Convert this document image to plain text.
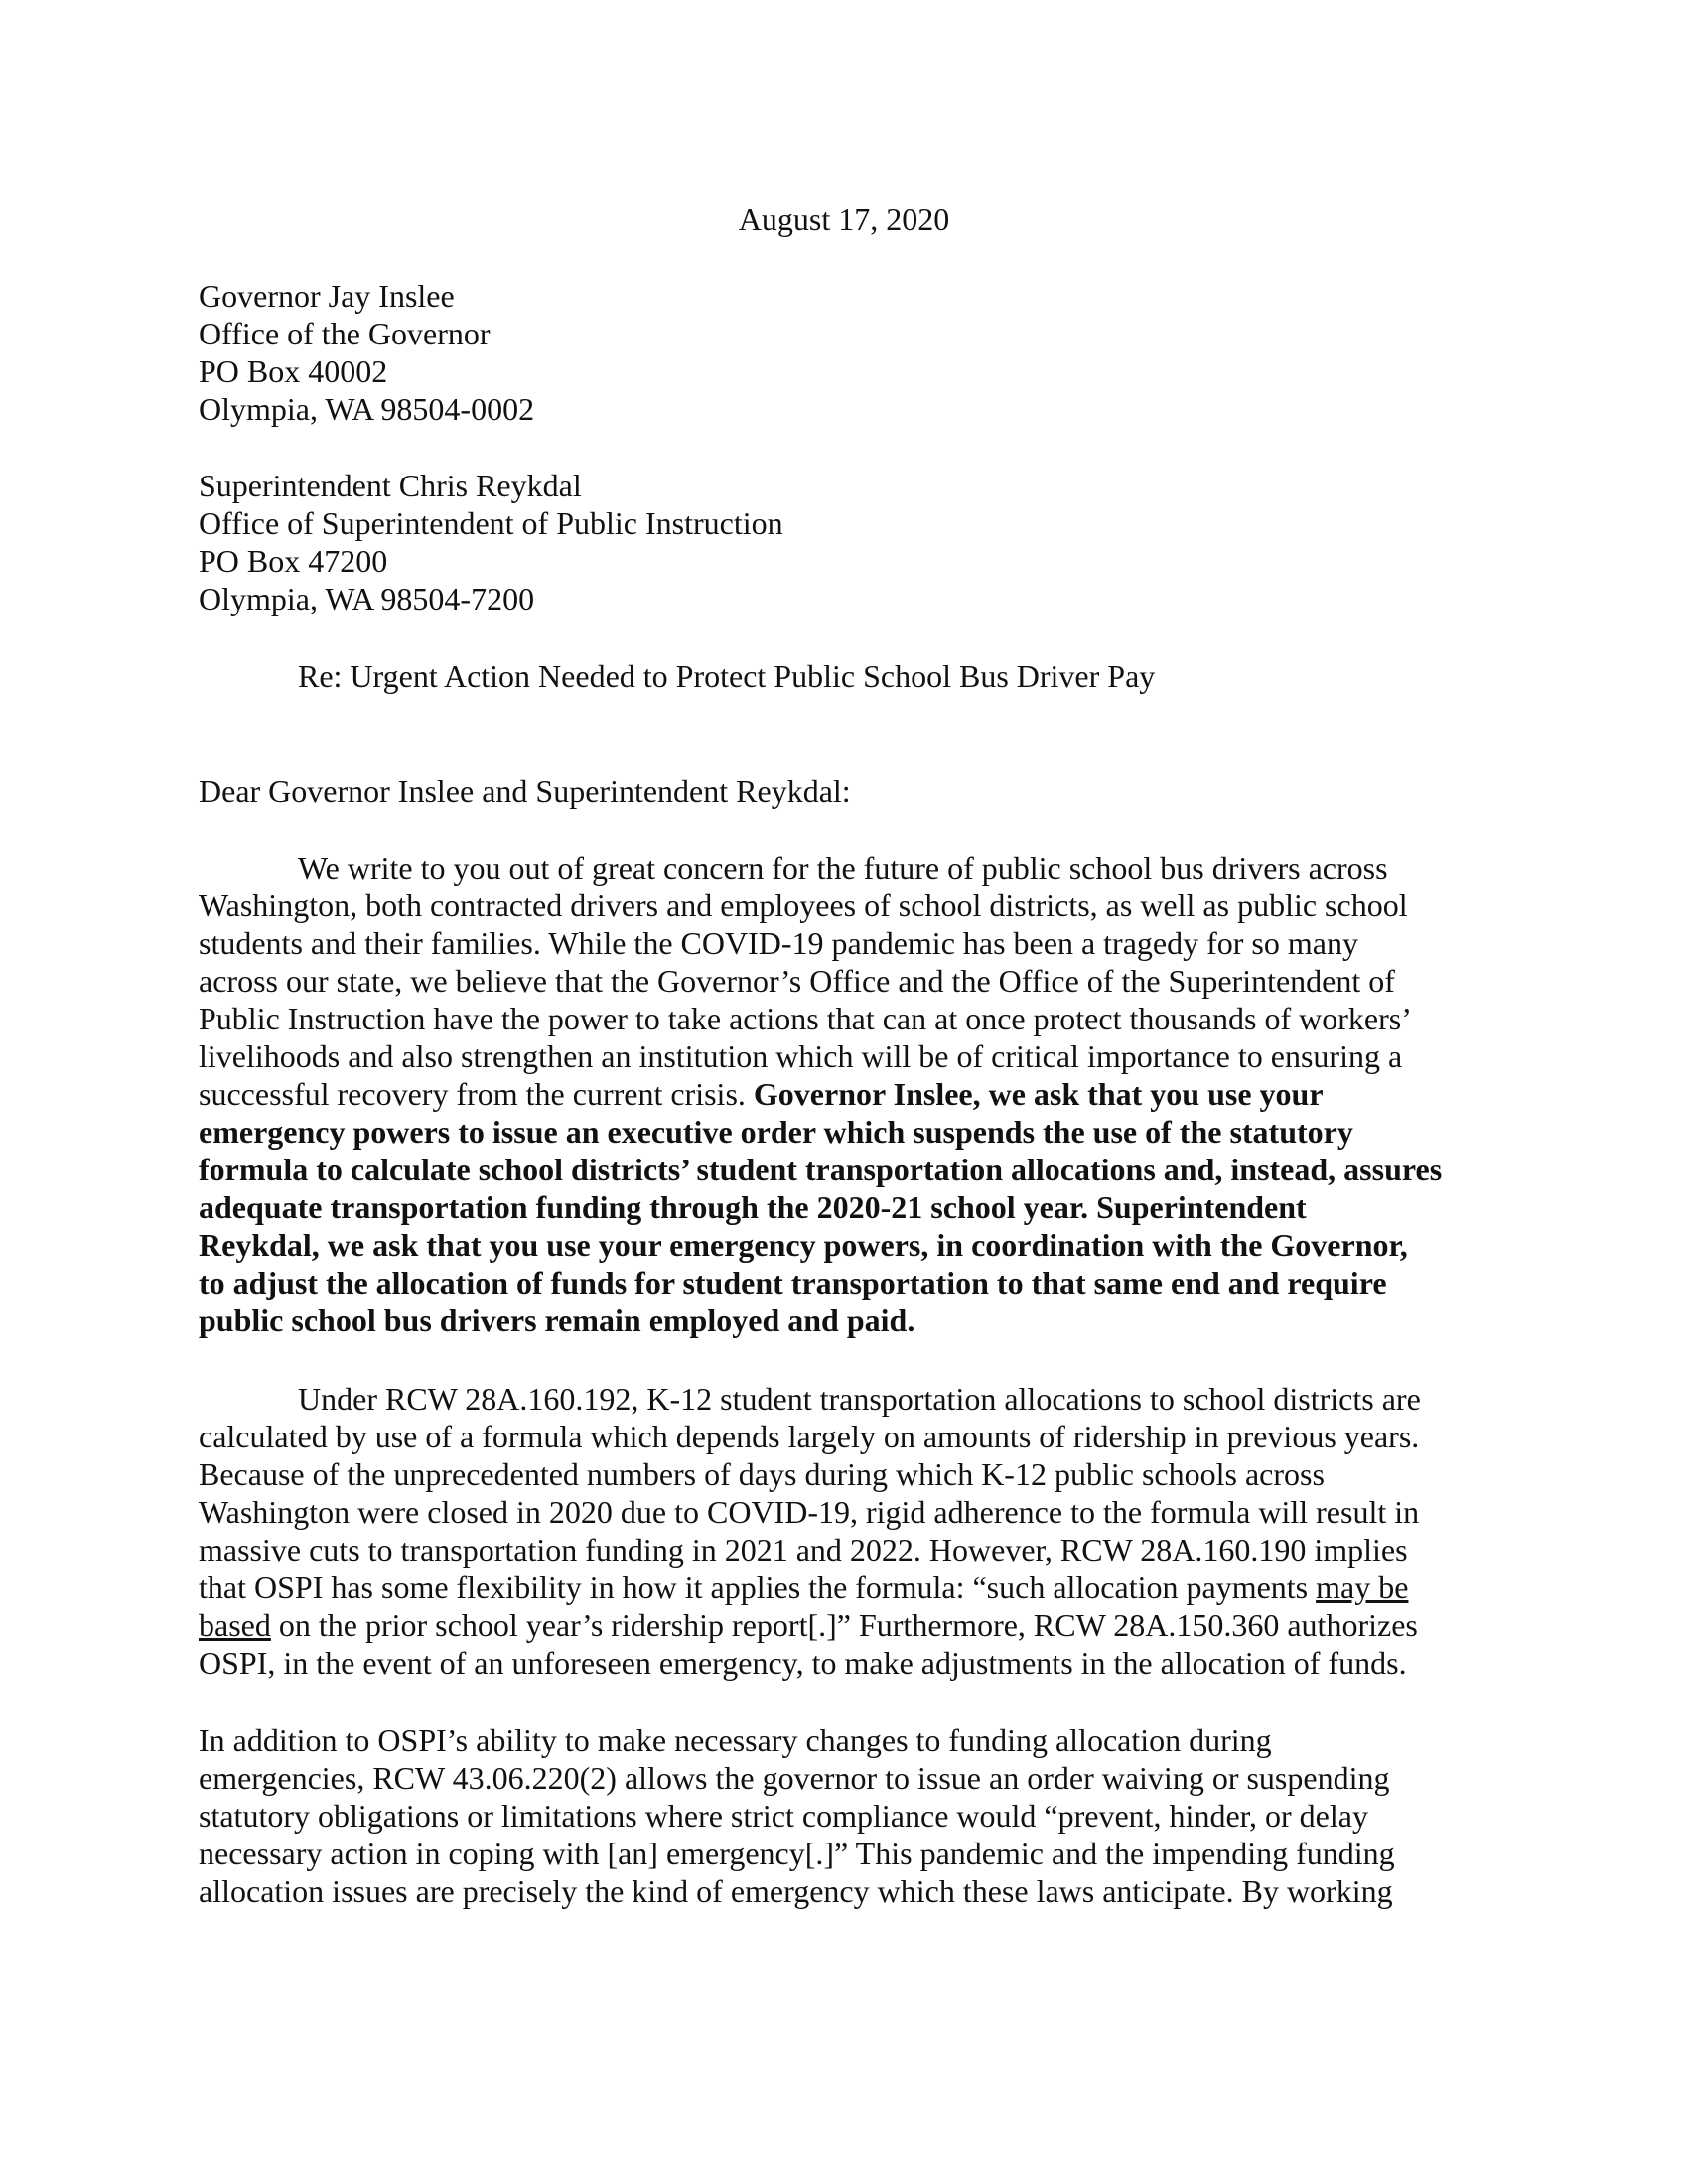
August 17, 2020

Governor Jay Inslee
Office of the Governor
PO Box 40002
Olympia, WA 98504-0002
Superintendent Chris Reykdal
Office of Superintendent of Public Instruction
PO Box 47200
Olympia, WA 98504-7200
Re: Urgent Action Needed to Protect Public School Bus Driver Pay
Dear Governor Inslee and Superintendent Reykdal:
We write to you out of great concern for the future of public school bus drivers across
Washington, both contracted drivers and employees of school districts, as well as public school
students and their families. While the COVID-19 pandemic has been a tragedy for so many
across our state, we believe that the Governor’s Office and the Office of the Superintendent of
Public Instruction have the power to take actions that can at once protect thousands of workers’
livelihoods and also strengthen an institution which will be of critical importance to ensuring a
successful recovery from the current crisis. Governor Inslee, we ask that you use your
emergency powers to issue an executive order which suspends the use of the statutory
formula to calculate school districts’ student transportation allocations and, instead, assures
adequate transportation funding through the 2020-21 school year. Superintendent
Reykdal, we ask that you use your emergency powers, in coordination with the Governor,
to adjust the allocation of funds for student transportation to that same end and require
public school bus drivers remain employed and paid.
Under RCW 28A.160.192, K-12 student transportation allocations to school districts are
calculated by use of a formula which depends largely on amounts of ridership in previous years.
Because of the unprecedented numbers of days during which K-12 public schools across
Washington were closed in 2020 due to COVID-19, rigid adherence to the formula will result in
massive cuts to transportation funding in 2021 and 2022. However, RCW 28A.160.190 implies
that OSPI has some flexibility in how it applies the formula: “such allocation payments may be
based on the prior school year’s ridership report[.]” Furthermore, RCW 28A.150.360 authorizes
OSPI, in the event of an unforeseen emergency, to make adjustments in the allocation of funds.
In addition to OSPI’s ability to make necessary changes to funding allocation during
emergencies, RCW 43.06.220(2) allows the governor to issue an order waiving or suspending
statutory obligations or limitations where strict compliance would “prevent, hinder, or delay
necessary action in coping with [an] emergency[.]” This pandemic and the impending funding
allocation issues are precisely the kind of emergency which these laws anticipate. By working
